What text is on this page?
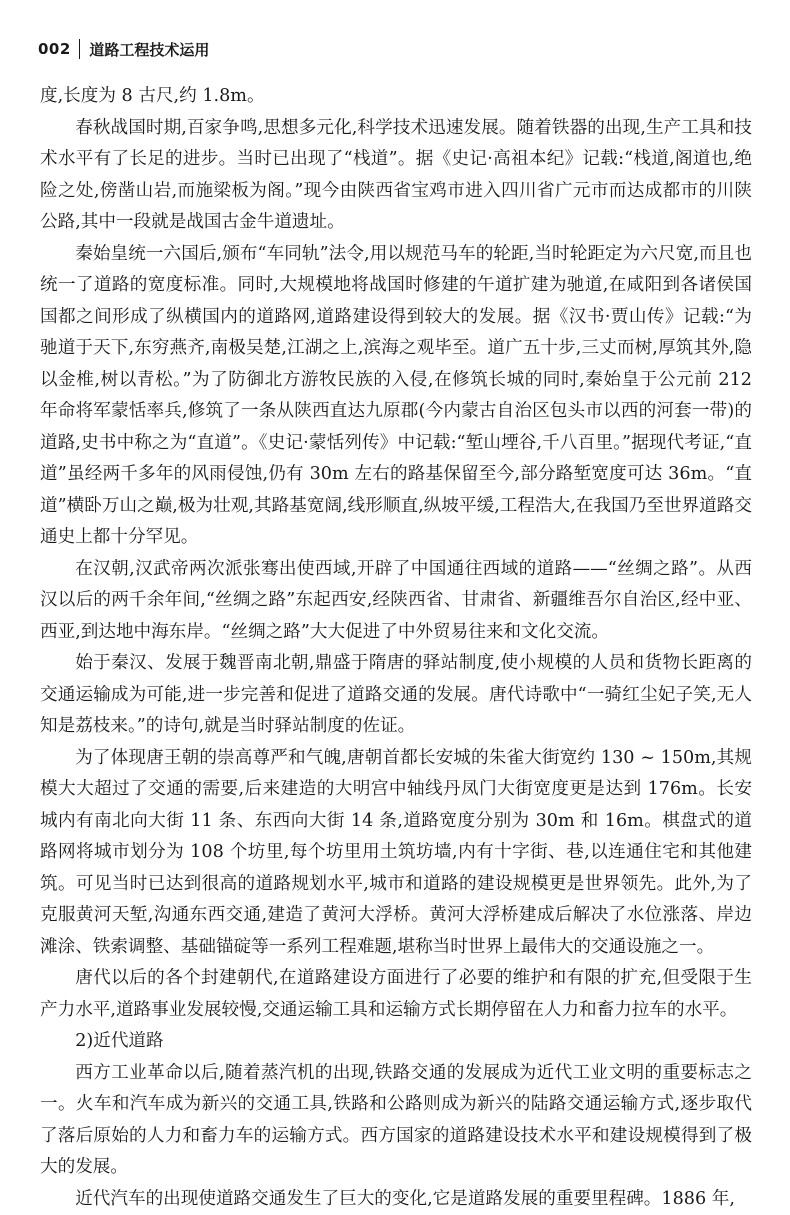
002 道路工程技术运用

度,长度为 8 古尺,约 1.8m。

春秋战国时期,百家争鸣,思想多元化,科学技术迅速发展。随着铁器的出现,生产工具和技术水平有了长足的进步。当时已出现了“栈道”。据《史记·高祖本纪》记载:“栈道,阁道也,绝险之处,傍凿山岩,而施梁板为阁。”现今由陕西省宝鸡市进入四川省广元市而达成都市的川陕公路,其中一段就是战国古金牛道遗址。

秦始皇统一六国后,颁布“车同轨”法令,用以规范马车的轮距,当时轮距定为六尺宽,而且也统一了道路的宽度标准。同时,大规模地将战国时修建的午道扩建为驰道,在咸阳到各诸侯国国都之间形成了纵横国内的道路网,道路建设得到较大的发展。据《汉书·贾山传》记载:“为驰道于天下,东穷燕齐,南极吴楚,江湖之上,滨海之观毕至。道广五十步,三丈而树,厚筑其外,隐以金椎,树以青松。”为了防御北方游牧民族的入侵,在修筑长城的同时,秦始皇于公元前 212 年命将军蒙恬率兵,修筑了一条从陕西直达九原郡(今内蒙古自治区包头市以西的河套一带)的道路,史书中称之为“直道”。《史记·蒙恬列传》中记载:“堑山堙谷,千八百里。”据现代考证,“直道”虽经两千多年的风雨侵蚀,仍有 30m 左右的路基保留至今,部分路堑宽度可达 36m。“直道”横卧万山之巅,极为壮观,其路基宽阔,线形顺直,纵坡平缓,工程浩大,在我国乃至世界道路交通史上都十分罕见。

在汉朝,汉武帝两次派张骞出使西域,开辟了中国通往西域的道路——“丝绸之路”。从西汉以后的两千余年间,“丝绸之路”东起西安,经陕西省、甘肃省、新疆维吾尔自治区,经中亚、西亚,到达地中海东岸。“丝绸之路”大大促进了中外贸易往来和文化交流。

始于秦汉、发展于魏晋南北朝,鼎盛于隋唐的驿站制度,使小规模的人员和货物长距离的交通运输成为可能,进一步完善和促进了道路交通的发展。唐代诗歌中“一骑红尘妃子笑,无人知是荔枝来。”的诗句,就是当时驿站制度的佐证。

为了体现唐王朝的崇高尊严和气魄,唐朝首都长安城的朱雀大街宽约 130 ~ 150m,其规模大大超过了交通的需要,后来建造的大明宫中轴线丹凤门大街宽度更是达到 176m。长安城内有南北向大街 11 条、东西向大街 14 条,道路宽度分别为 30m 和 16m。棋盘式的道路网将城市划分为 108 个坊里,每个坊里用土筑坊墙,内有十字街、巷,以连通住宅和其他建筑。可见当时已达到很高的道路规划水平,城市和道路的建设规模更是世界领先。此外,为了克服黄河天堑,沟通东西交通,建造了黄河大浮桥。黄河大浮桥建成后解决了水位涨落、岸边滩涂、铁索调整、基础锚碇等一系列工程难题,堪称当时世界上最伟大的交通设施之一。

唐代以后的各个封建朝代,在道路建设方面进行了必要的维护和有限的扩充,但受限于生产力水平,道路事业发展较慢,交通运输工具和运输方式长期停留在人力和畜力拉车的水平。

2)近代道路

西方工业革命以后,随着蒸汽机的出现,铁路交通的发展成为近代工业文明的重要标志之一。火车和汽车成为新兴的交通工具,铁路和公路则成为新兴的陆路交通运输方式,逐步取代了落后原始的人力和畜力车的运输方式。西方国家的道路建设技术水平和建设规模得到了极大的发展。

近代汽车的出现使道路交通发生了巨大的变化,它是道路发展的重要里程碑。1886 年,
